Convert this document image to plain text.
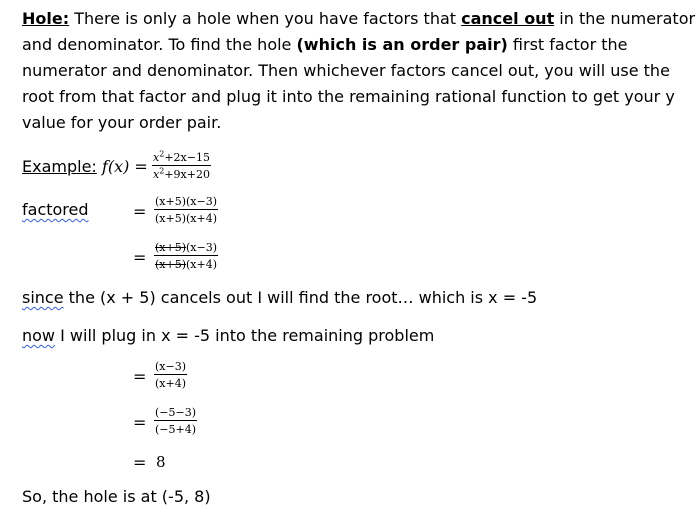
Hole: There is only a hole when you have factors that cancel out in the numerator
and denominator. To find the hole (which is an order pair) first factor the
numerator and denominator. Then whichever factors cancel out, you will use the
root from that factor and plug it into the remaining rational function to get your y
value for your order pair.
Example: $f(x) = \frac{x^2+2x-15}{x^2+9x+20}$
factored	= $\frac{(x+5)(x-3)}{(x+5)(x+4)}$
= $\frac{(x+5)(x-3)}{(x+5)(x+4)}$
since the (x + 5) cancels out I will find the root… which is x = -5
now I will plug in x = -5 into the remaining problem
= $\frac{(x-3)}{(x+4)}$
= $\frac{(-5-3)}{(-5+4)}$
= 8
So, the hole is at (-5, 8)
